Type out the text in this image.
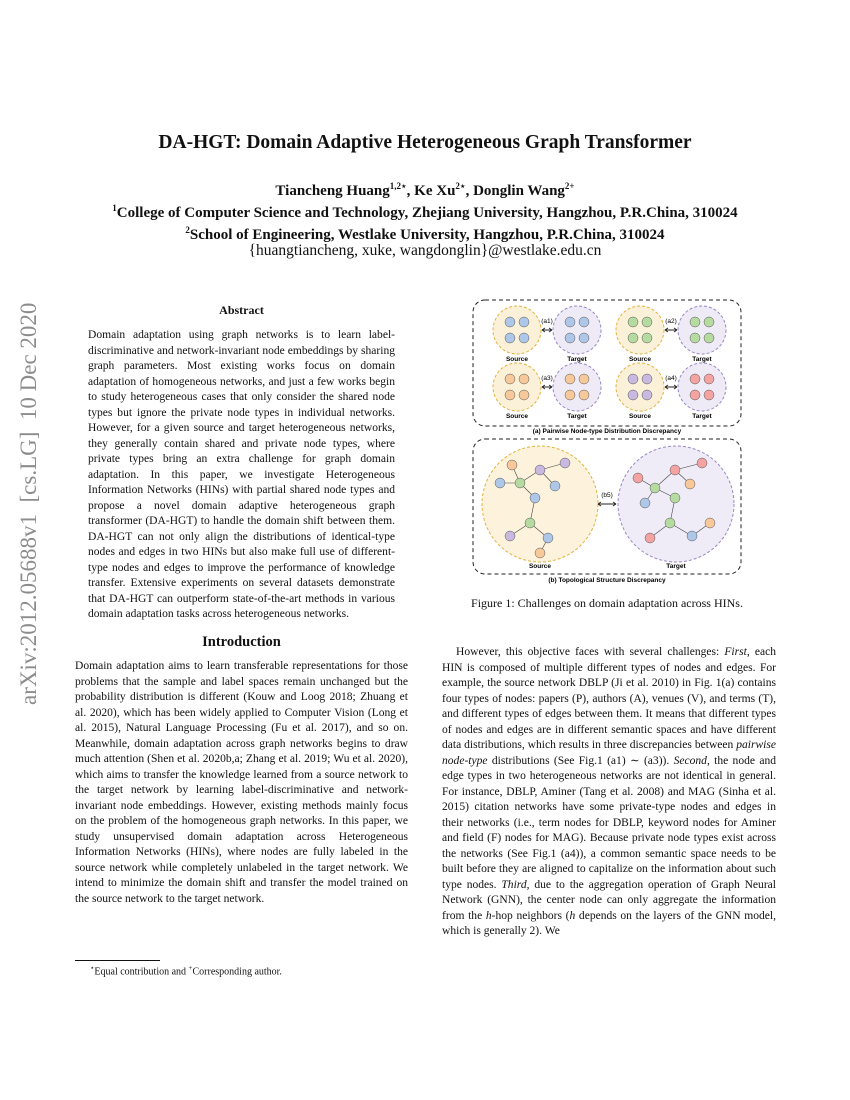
arXiv:2012.05688v1  [cs.LG]  10 Dec 2020
DA-HGT: Domain Adaptive Heterogeneous Graph Transformer
Tiancheng Huang$^{1,2⋆}$, Ke $Xu^{2⋆}$, Donglin Wang$^{2+}$
$^1$College of Computer Science and Technology, Zhejiang University, Hangzhou, P.R.China, 310024
$^2$School of Engineering, Westlake University, Hangzhou, P.R.China, 310024
{huangtiancheng, xuke, wangdonglin}@westlake.edu.cn
Abstract
Domain adaptation using graph networks is to learn label-discriminative and network-invariant node embeddings by sharing graph parameters. Most existing works focus on domain adaptation of homogeneous networks, and just a few works begin to study heterogeneous cases that only consider the shared node types but ignore the private node types in individual networks. However, for a given source and target heterogeneous networks, they generally contain shared and private node types, where private types bring an extra challenge for graph domain adaptation. In this paper, we investigate Heterogeneous Information Networks (HINs) with partial shared node types and propose a novel domain adaptive heterogeneous graph transformer (DA-HGT) to handle the domain shift between them. DA-HGT can not only align the distributions of identical-type nodes and edges in two HINs but also make full use of different-type nodes and edges to improve the performance of knowledge transfer. Extensive experiments on several datasets demonstrate that DA-HGT can outperform state-of-the-art methods in various domain adaptation tasks across heterogeneous networks.
Introduction
Domain adaptation aims to learn transferable representations for those problems that the sample and label spaces remain unchanged but the probability distribution is different (Kouw and Loog 2018; Zhuang et al. 2020), which has been widely applied to Computer Vision (Long et al. 2015), Natural Language Processing (Fu et al. 2017), and so on. Meanwhile, domain adaptation across graph networks begins to draw much attention (Shen et al. 2020b,a; Zhang et al. 2019; Wu et al. 2020), which aims to transfer the knowledge learned from a source network to the target network by learning label-discriminative and network-invariant node embeddings. However, existing methods mainly focus on the problem of the homogeneous graph networks. In this paper, we study unsupervised domain adaptation across Heterogeneous Information Networks (HINs), where nodes are fully labeled in the source network while completely unlabeled in the target network. We intend to minimize the domain shift and transfer the model trained on the source network to the target network.
⋆Equal contribution and +Corresponding author.
(a1)	(a2)
(a3)	(a4)
Source	Target	Source	Target
Source	Target	Source	Target
(a) Pairwise Node-type Distribution Discrepancy
(b5)
Source	Target
(b) Topological Structure Discrepancy
Figure 1: Challenges on domain adaptation across HINs.

However, this objective faces with several challenges: First, each HIN is composed of multiple different types of nodes and edges. For example, the source network DBLP (Ji et al. 2010) in Fig. 1(a) contains four types of nodes: papers (P), authors (A), venues (V), and terms (T), and different types of edges between them. It means that different types of nodes and edges are in different semantic spaces and have different data distributions, which results in three discrepancies between pairwise node-type distributions (See Fig.1 (a1) ∼ (a3)). Second, the node and edge types in two heterogeneous networks are not identical in general. For instance, DBLP, Aminer (Tang et al. 2008) and MAG (Sinha et al. 2015) citation networks have some private-type nodes and edges in their networks (i.e., term nodes for DBLP, keyword nodes for Aminer and field (F) nodes for MAG). Because private node types exist across the networks (See Fig.1 (a4)), a common semantic space needs to be built before they are aligned to capitalize on the information about such type nodes. Third, due to the aggregation operation of Graph Neural Network (GNN), the center node can only aggregate the information from the h-hop neighbors (h depends on the layers of the GNN model, which is generally 2). We
